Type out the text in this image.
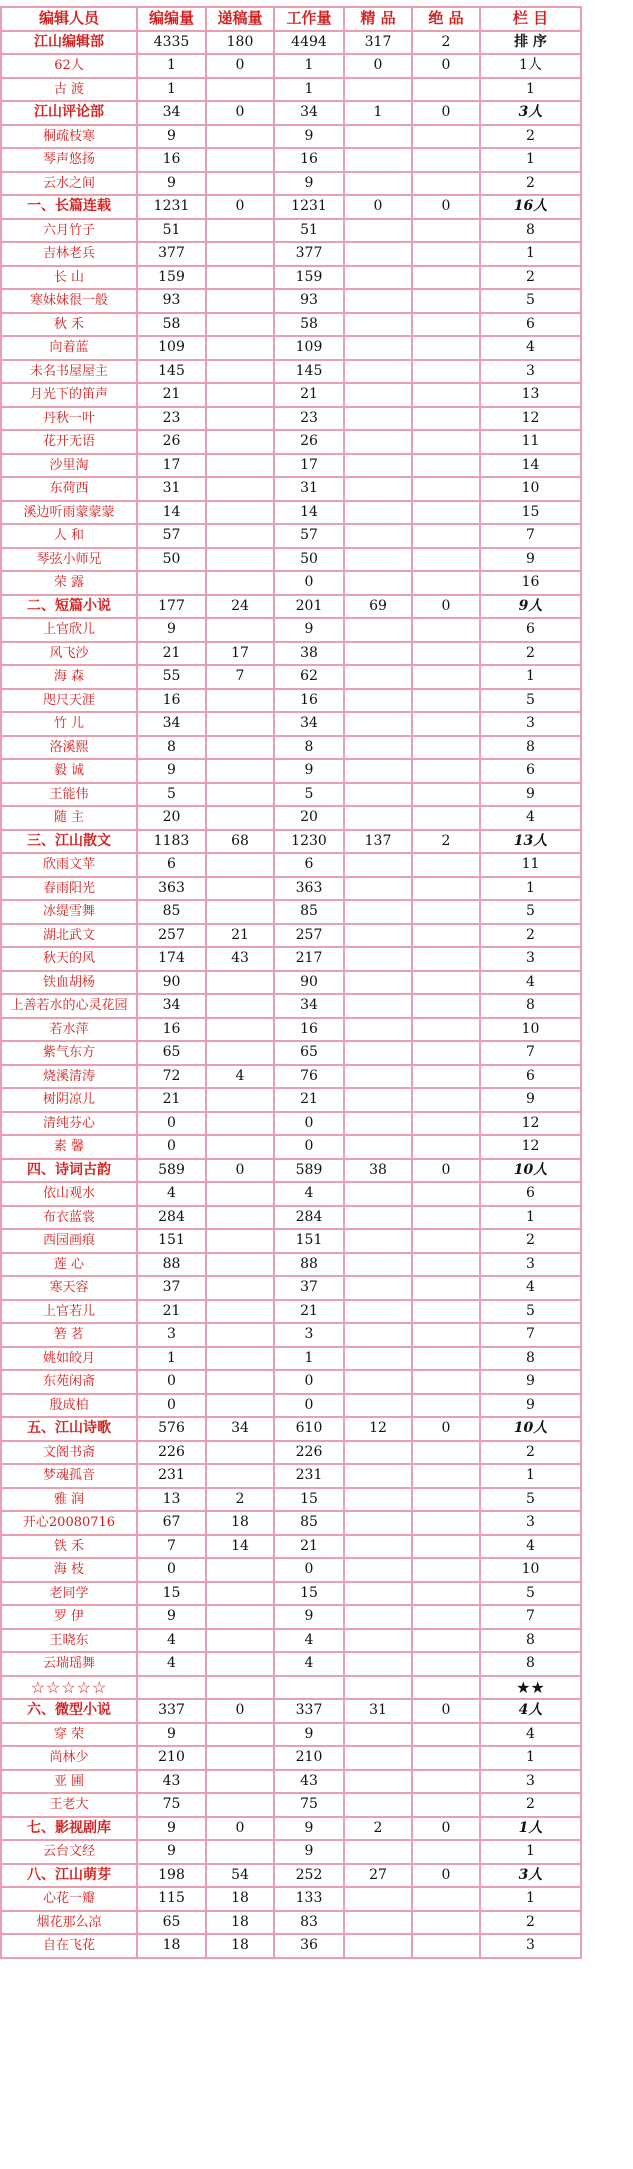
编辑人员	编编量	递稿量	工作量	精 品	绝 品	栏 目
江山编辑部	4335	180	4494	317	2	排 序
62人	1	0	1	0	0	1人
古 渡	1		1			1
江山评论部	34	0	34	1	0	3人
桐疏枝寒	9		9			2
琴声悠扬	16		16			1
云水之间	9		9			2
一、长篇连载	1231	0	1231	0	0	16人
六月竹子	51		51			8
吉林老兵	377		377			1
长 山	159		159			2
寒妹妹很一般	93		93			5
秋 禾	58		58			6
向着蓝	109		109			4
未名书屋屋主	145		145			3
月光下的笛声	21		21			13
丹秋一叶	23		23			12
花开无语	26		26			11
沙里淘	17		17			14
东荷西	31		31			10
溪边听雨蒙蒙蒙	14		14			15
人 和	57		57			7
琴弦小师兄	50		50			9
荣 露			0			16
二、短篇小说	177	24	201	69	0	9人
上官欣儿	9		9			6
风飞沙	21	17	38			2
海 森	55	7	62			1
咫尺天涯	16		16			5
竹 儿	34		34			3
洛溪熙	8		8			8
毅 诚	9		9			6
王能伟	5		5			9
随 主	20		20			4
三、江山散文	1183	68	1230	137	2	13人
欣雨文苹	6		6			11
春雨阳光	363		363			1
冰缇雪舞	85		85			5
湖北武文	257	21	257			2
秋天的风	174	43	217			3
铁血胡杨	90		90			4
上善若水的心灵花园	34		34			8
若水萍	16		16			10
紫气东方	65		65			7
烧溪清涛	72	4	76			6
树阴凉儿	21		21			9
清纯芬心	0		0			12
素 馨	0		0			12
四、诗词古韵	589	0	589	38	0	10人
依山观水	4		4			6
布衣蓝裳	284		284			1
西园画痕	151		151			2
莲 心	88		88			3
寒天容	37		37			4
上官若儿	21		21			5
箬 茗	3		3			7
姚如皎月	1		1			8
东苑闲斋	0		0			9
殷成柏	0		0			9
五、江山诗歌	576	34	610	12	0	10人
文阁书斋	226		226			2
梦魂孤音	231		231			1
雅 润	13	2	15			5
开心20080716	67	18	85			3
铁 禾	7	14	21			4
海 枝	0		0			10
老同学	15		15			5
罗 伊	9		9			7
王晓东	4		4			8
云瑞瑶舞	4		4			8
☆☆☆☆☆						★★
六、微型小说	337	0	337	31	0	4人
穿 荣	9		9			4
尚林少	210		210			1
亚 圃	43		43			3
王老大	75		75			2
七、影视剧库	9	0	9	2	0	1人
云台文经	9		9			1
八、江山萌芽	198	54	252	27	0	3人
心花一瓣	115	18	133			1
烟花那么凉	65	18	83			2
自在飞花	18	18	36			3
